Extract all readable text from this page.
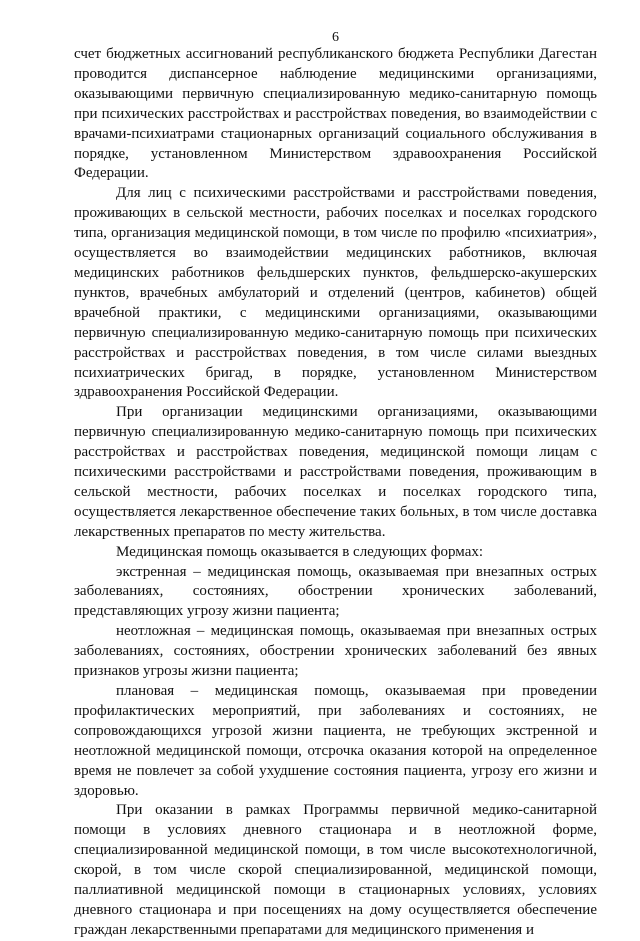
6

счет бюджетных ассигнований республиканского бюджета Республики Дагестан проводится диспансерное наблюдение медицинскими организациями, оказывающими первичную специализированную медико-санитарную помощь при психических расстройствах и расстройствах поведения, во взаимодействии с врачами-психиатрами стационарных организаций социального обслуживания в порядке, установленном Министерством здравоохранения Российской Федерации.

Для лиц с психическими расстройствами и расстройствами поведения, проживающих в сельской местности, рабочих поселках и поселках городского типа, организация медицинской помощи, в том числе по профилю «психиатрия», осуществляется во взаимодействии медицинских работников, включая медицинских работников фельдшерских пунктов, фельдшерско-акушерских пунктов, врачебных амбулаторий и отделений (центров, кабинетов) общей врачебной практики, с медицинскими организациями, оказывающими первичную специализированную медико-санитарную помощь при психических расстройствах и расстройствах поведения, в том числе силами выездных психиатрических бригад, в порядке, установленном Министерством здравоохранения Российской Федерации.

При организации медицинскими организациями, оказывающими первичную специализированную медико-санитарную помощь при психических расстройствах и расстройствах поведения, медицинской помощи лицам с психическими расстройствами и расстройствами поведения, проживающим в сельской местности, рабочих поселках и поселках городского типа, осуществляется лекарственное обеспечение таких больных, в том числе доставка лекарственных препаратов по месту жительства.

Медицинская помощь оказывается в следующих формах:

экстренная – медицинская помощь, оказываемая при внезапных острых заболеваниях, состояниях, обострении хронических заболеваний, представляющих угрозу жизни пациента;

неотложная – медицинская помощь, оказываемая при внезапных острых заболеваниях, состояниях, обострении хронических заболеваний без явных признаков угрозы жизни пациента;

плановая – медицинская помощь, оказываемая при проведении профилактических мероприятий, при заболеваниях и состояниях, не сопровождающихся угрозой жизни пациента, не требующих экстренной и неотложной медицинской помощи, отсрочка оказания которой на определенное время не повлечет за собой ухудшение состояния пациента, угрозу его жизни и здоровью.

При оказании в рамках Программы первичной медико-санитарной помощи в условиях дневного стационара и в неотложной форме, специализированной медицинской помощи, в том числе высокотехнологичной, скорой, в том числе скорой специализированной, медицинской помощи, паллиативной медицинской помощи в стационарных условиях, условиях дневного стационара и при посещениях на дому осуществляется обеспечение граждан лекарственными препаратами для медицинского применения и
